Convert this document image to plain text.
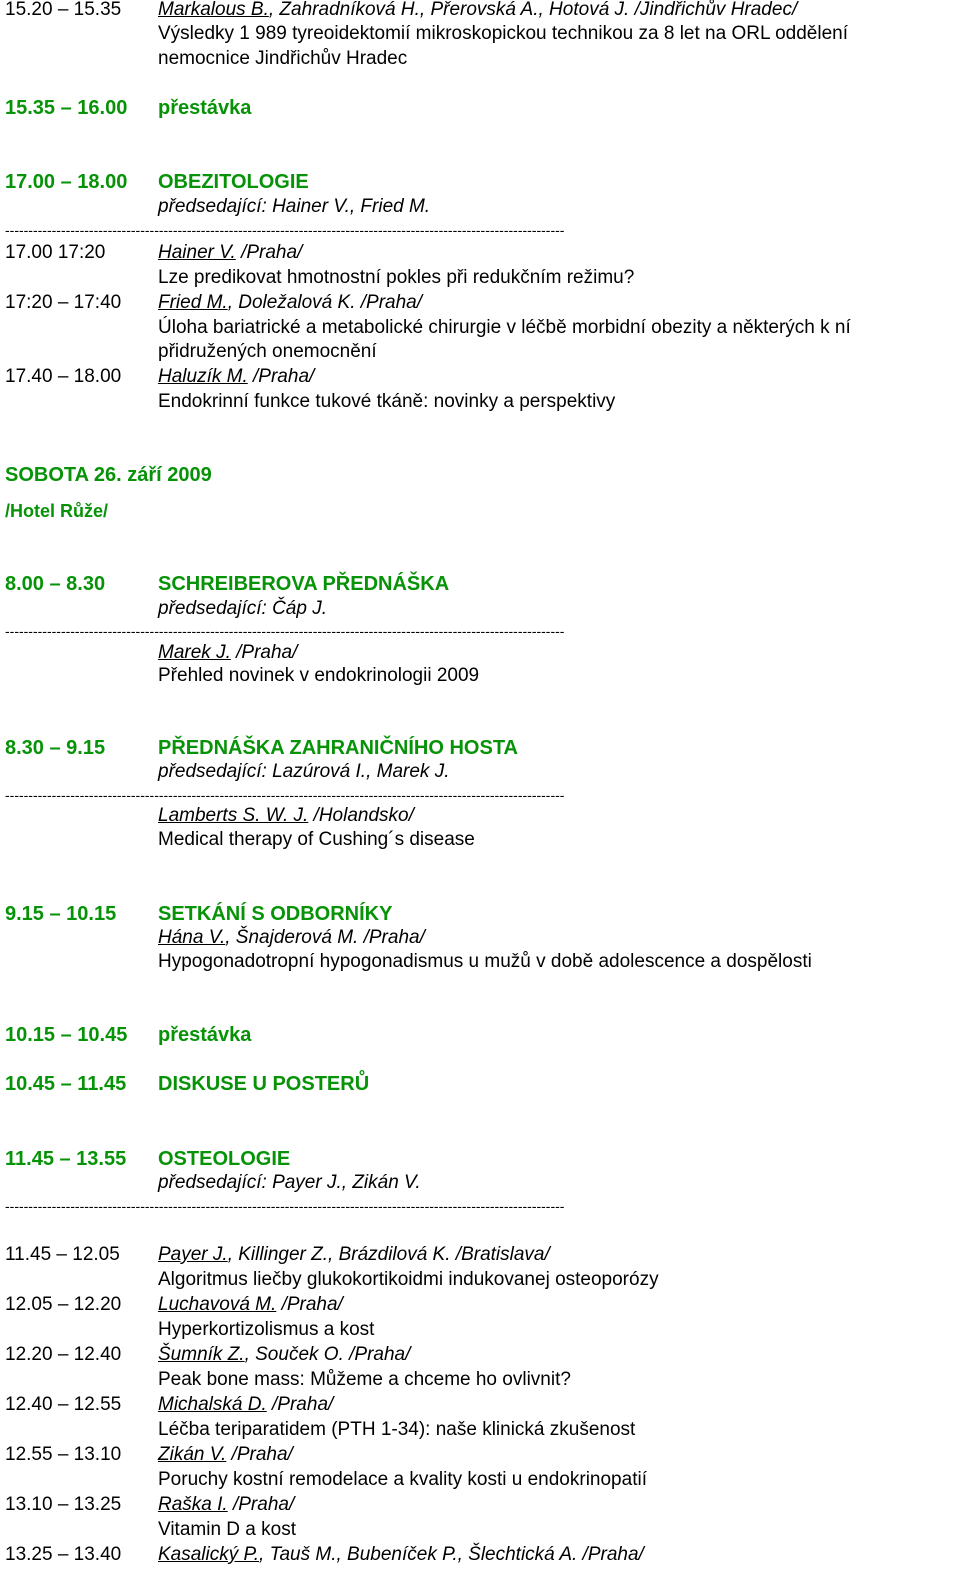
15.20 – 15.35 Markalous B., Zahradníková H., Přerovská A., Hotová J. /Jindřichův Hradec/
Výsledky 1 989 tyreoidektomií mikroskopickou technikou za 8 let na ORL oddělení
nemocnice Jindřichův Hradec
15.35 – 16.00 přestávka
17.00 – 18.00 OBEZITOLOGIE
předsedající: Hainer V., Fried M.
------------------------------------------------------------------------------------------------------------------------
17.00 17:20	Hainer V. /Praha/
Lze predikovat hmotnostní pokles při redukčním režimu?
17:20 – 17:40 Fried M., Doležalová K. /Praha/
Úloha bariatrické a metabolické chirurgie v léčbě morbidní obezity a některých k ní
přidružených onemocnění
17.40 – 18.00 Haluzík M. /Praha/
Endokrinní funkce tukové tkáně: novinky a perspektivy
SOBOTA 26. září 2009
/Hotel Růže/
8.00 – 8.30	SCHREIBEROVA PŘEDNÁŠKA
předsedající: Čáp J.
------------------------------------------------------------------------------------------------------------------------
Marek J. /Praha/
Přehled novinek v endokrinologii 2009
8.30 – 9.15	PŘEDNÁŠKA ZAHRANIČNÍHO HOSTA
předsedající: Lazúrová I., Marek J.
------------------------------------------------------------------------------------------------------------------------
Lamberts S. W. J. /Holandsko/
Medical therapy of Cushing´s disease
9.15 – 10.15 SETKÁNÍ S ODBORNÍKY
Hána V., Šnajderová M. /Praha/
Hypogonadotropní hypogonadismus u mužů v době adolescence a dospělosti
10.15 – 10.45 přestávka
10.45 – 11.45 DISKUSE U POSTERŮ
11.45 – 13.55 OSTEOLOGIE
předsedající: Payer J., Zikán V.
------------------------------------------------------------------------------------------------------------------------
11.45 – 12.05 Payer J., Killinger Z., Brázdilová K. /Bratislava/
Algoritmus liečby glukokortikoidmi indukovanej osteoporózy
12.05 – 12.20 Luchavová M. /Praha/
Hyperkortizolismus a kost
12.20 – 12.40 Šumník Z., Souček O. /Praha/
Peak bone mass: Můžeme a chceme ho ovlivnit?
12.40 – 12.55 Michalská D. /Praha/
Léčba teriparatidem (PTH 1-34): naše klinická zkušenost
12.55 – 13.10 Zikán V. /Praha/
Poruchy kostní remodelace a kvality kosti u endokrinopatií
13.10 – 13.25 Raška I. /Praha/
Vitamin D a kost
13.25 – 13.40 Kasalický P., Tauš M., Bubeníček P., Šlechtická A. /Praha/
